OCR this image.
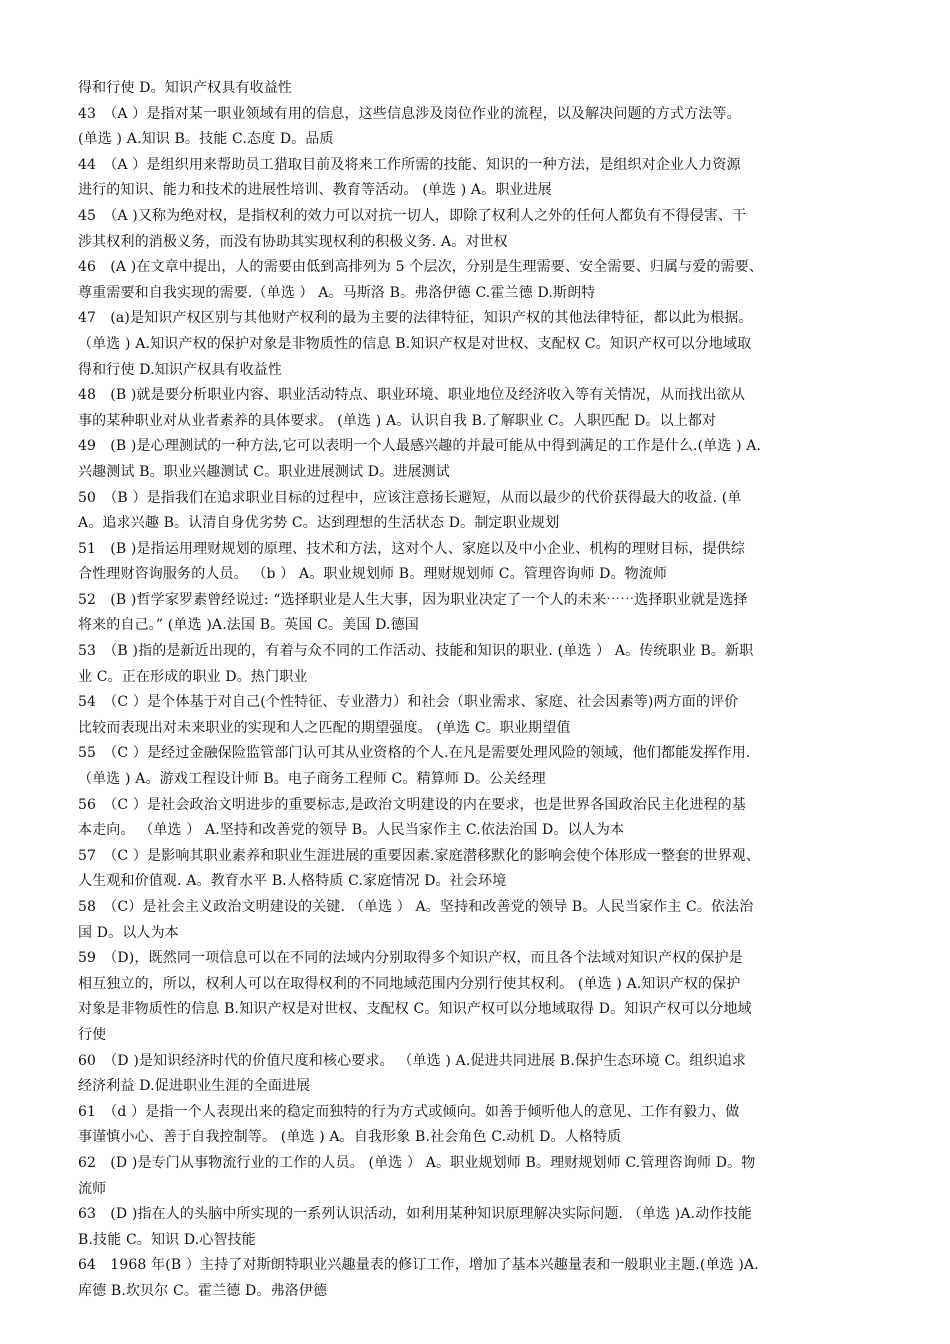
得和行使 D。知识产权具有收益性
43　（A ）是指对某一职业领域有用的信息，这些信息涉及岗位作业的流程，以及解决问题的方式方法等。
(单选 ) A.知识 B。技能 C.态度 D。品质
44　（A ）是组织用来帮助员工猎取目前及将来工作所需的技能、知识的一种方法，是组织对企业人力资源
进行的知识、能力和技术的进展性培训、教育等活动。 (单选 ) A。职业进展
45　（A )又称为绝对权，是指权利的效力可以对抗一切人，即除了权利人之外的任何人都负有不得侵害、干
涉其权利的消极义务，而没有协助其实现权利的积极义务. A。对世权
46　(A )在文章中提出，人的需要由低到高排列为 5 个层次，分别是生理需要、安全需要、归属与爱的需要、
尊重需要和自我实现的需要.（单选 ） A。马斯洛 B。弗洛伊德 C.霍兰德 D.斯朗特
47　(a)是知识产权区别与其他财产权利的最为主要的法律特征，知识产权的其他法律特征，都以此为根据。
（单选 ) A.知识产权的保护对象是非物质性的信息 B.知识产权是对世权、支配权 C。知识产权可以分地域取
得和行使 D.知识产权具有收益性
48　(B )就是要分析职业内容、职业活动特点、职业环境、职业地位及经济收入等有关情况，从而找出欲从
事的某种职业对从业者素养的具体要求。 (单选 ) A。认识自我 B.了解职业 C。人职匹配 D。以上都对
49　(B )是心理测试的一种方法,它可以表明一个人最感兴趣的并最可能从中得到满足的工作是什么.(单选 ) A.
兴趣测试 B。职业兴趣测试 C。职业进展测试 D。进展测试
50　（B ）是指我们在追求职业目标的过程中，应该注意扬长避短，从而以最少的代价获得最大的收益. (单
A。追求兴趣 B。认清自身优劣势 C。达到理想的生活状态 D。制定职业规划
51　(B )是指运用理财规划的原理、技术和方法，这对个人、家庭以及中小企业、机构的理财目标，提供综
合性理财咨询服务的人员。 （b ） A。职业规划师 B。理财规划师 C。管理咨询师 D。物流师
52　(B )哲学家罗素曾经说过: “选择职业是人生大事，因为职业决定了一个人的未来⋯⋯选择职业就是选择
将来的自己。” (单选 )A.法国 B。英国 C。美国 D.德国
53　（B )指的是新近出现的，有着与众不同的工作活动、技能和知识的职业. (单选 ） A。传统职业 B。新职
业 C。正在形成的职业 D。热门职业
54　（C ）是个体基于对自己(个性特征、专业潜力）和社会（职业需求、家庭、社会因素等)两方面的评价
比较而表现出对未来职业的实现和人之匹配的期望强度。 (单选 C。职业期望值
55　（C ）是经过金融保险监管部门认可其从业资格的个人.在凡是需要处理风险的领域，他们都能发挥作用.
（单选 ) A。游戏工程设计师 B。电子商务工程师 C。精算师 D。公关经理
56　（C ）是社会政治文明进步的重要标志,是政治文明建设的内在要求，也是世界各国政治民主化进程的基
本走向。 （单选 ） A.坚持和改善党的领导 B。人民当家作主 C.依法治国 D。以人为本
57　（C ）是影响其职业素养和职业生涯进展的重要因素.家庭潜移默化的影响会使个体形成一整套的世界观、
人生观和价值观. A。教育水平 B.人格特质 C.家庭情况 D。社会环境
58　（C）是社会主义政治文明建设的关键. （单选 ） A。坚持和改善党的领导 B。人民当家作主 C。依法治
国 D。以人为本
59　（D)，既然同一项信息可以在不同的法域内分别取得多个知识产权，而且各个法域对知识产权的保护是
相互独立的，所以，权利人可以在取得权利的不同地域范围内分别行使其权利。 (单选 ) A.知识产权的保护
对象是非物质性的信息 B.知识产权是对世权、支配权 C。知识产权可以分地域取得 D。知识产权可以分地域
行使
60　（D )是知识经济时代的价值尺度和核心要求。 （单选 ) A.促进共同进展 B.保护生态环境 C。组织追求
经济利益 D.促进职业生涯的全面进展
61　（d ）是指一个人表现出来的稳定而独特的行为方式或倾向。如善于倾听他人的意见、工作有毅力、做
事谨慎小心、善于自我控制等。 (单选 ) A。自我形象 B.社会角色 C.动机 D。人格特质
62　(D )是专门从事物流行业的工作的人员。 (单选 ） A。职业规划师 B。理财规划师 C.管理咨询师 D。物
流师
63　(D )指在人的头脑中所实现的一系列认识活动，如利用某种知识原理解决实际问题. （单选 )A.动作技能
B.技能 C。知识 D.心智技能
64　1968 年(B ）主持了对斯朗特职业兴趣量表的修订工作，增加了基本兴趣量表和一般职业主题.(单选 )A.
库德 B.坎贝尔 C。霍兰德 D。弗洛伊德
